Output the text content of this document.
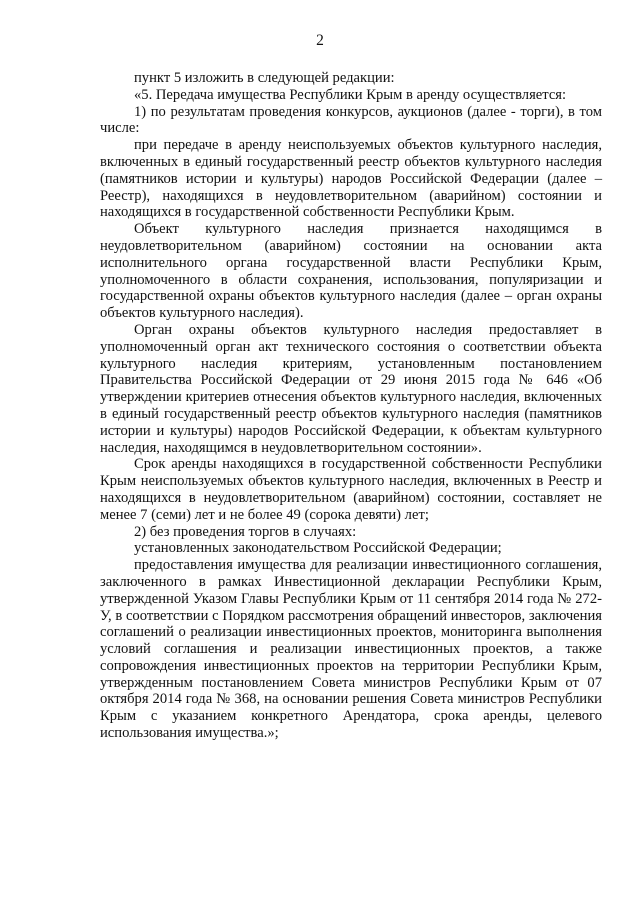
2

пункт 5 изложить в следующей редакции:

«5. Передача имущества Республики Крым в аренду осуществляется:

1) по результатам проведения конкурсов, аукционов (далее - торги), в том числе:

при передаче в аренду неиспользуемых объектов культурного наследия, включенных в единый государственный реестр объектов культурного наследия (памятников истории и культуры) народов Российской Федерации (далее – Реестр), находящихся в неудовлетворительном (аварийном) состоянии и находящихся в государственной собственности Республики Крым.

Объект культурного наследия признается находящимся в неудовлетворительном (аварийном) состоянии на основании акта исполнительного органа государственной власти Республики Крым, уполномоченного в области сохранения, использования, популяризации и государственной охраны объектов культурного наследия (далее – орган охраны объектов культурного наследия).

Орган охраны объектов культурного наследия предоставляет в уполномоченный орган акт технического состояния о соответствии объекта культурного наследия критериям, установленным постановлением Правительства Российской Федерации от 29 июня 2015 года № 646 «Об утверждении критериев отнесения объектов культурного наследия, включенных в единый государственный реестр объектов культурного наследия (памятников истории и культуры) народов Российской Федерации, к объектам культурного наследия, находящимся в неудовлетворительном состоянии».

Срок аренды находящихся в государственной собственности Республики Крым неиспользуемых объектов культурного наследия, включенных в Реестр и находящихся в неудовлетворительном (аварийном) состоянии, составляет не менее 7 (семи) лет и не более 49 (сорока девяти) лет;

2) без проведения торгов в случаях:

установленных законодательством Российской Федерации;

предоставления имущества для реализации инвестиционного соглашения, заключенного в рамках Инвестиционной декларации Республики Крым, утвержденной Указом Главы Республики Крым от 11 сентября 2014 года № 272-У, в соответствии с Порядком рассмотрения обращений инвесторов, заключения соглашений о реализации инвестиционных проектов, мониторинга выполнения условий соглашения и реализации инвестиционных проектов, а также сопровождения инвестиционных проектов на территории Республики Крым, утвержденным постановлением Совета министров Республики Крым от 07 октября 2014 года № 368, на основании решения Совета министров Республики Крым с указанием конкретного Арендатора, срока аренды, целевого использования имущества.»;
